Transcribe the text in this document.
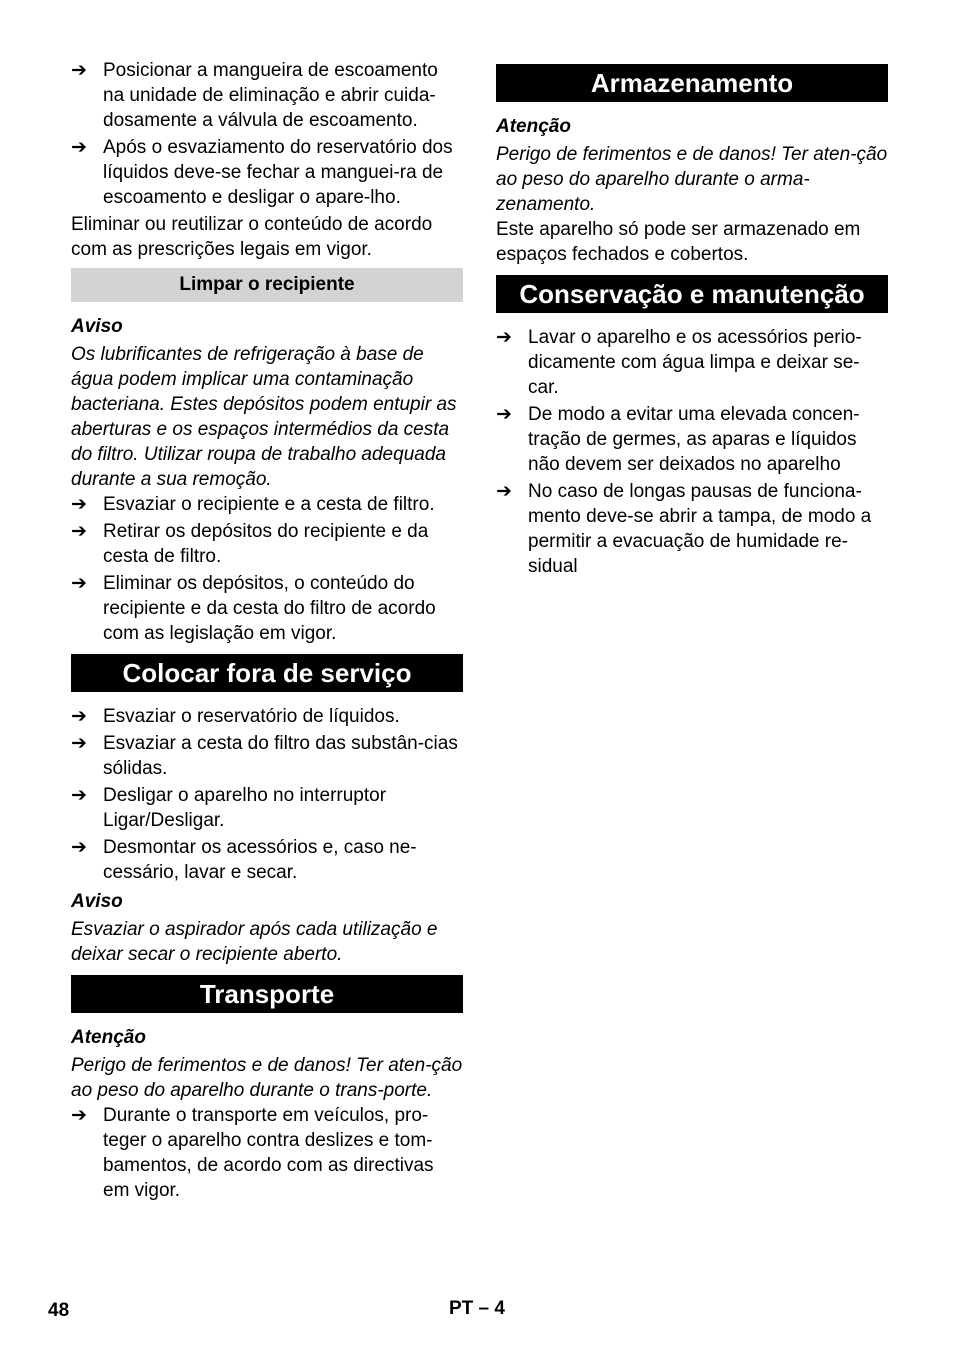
➔ Posicionar a mangueira de escoamento na unidade de eliminação e abrir cuida-dosamente a válvula de escoamento.
➔ Após o esvaziamento do reservatório dos líquidos deve-se fechar a manguei-ra de escoamento e desligar o apare-lho.

Eliminar ou reutilizar o conteúdo de acordo com as prescrições legais em vigor.

Limpar o recipiente

Aviso

Os lubrificantes de refrigeração à base de água podem implicar uma contaminação bacteriana. Estes depósitos podem entupir as aberturas e os espaços intermédios da cesta do filtro. Utilizar roupa de trabalho adequada durante a sua remoção.

➔ Esvaziar o recipiente e a cesta de filtro.
➔ Retirar os depósitos do recipiente e da cesta de filtro.
➔ Eliminar os depósitos, o conteúdo do recipiente e da cesta do filtro de acordo com as legislação em vigor.
Colocar fora de serviço
➔ Esvaziar o reservatório de líquidos.
➔ Esvaziar a cesta do filtro das substân-cias sólidas.
➔ Desligar o aparelho no interruptor Ligar/Desligar.
➔ Desmontar os acessórios e, caso ne-cessário, lavar e secar.

Aviso

Esvaziar o aspirador após cada utilização e deixar secar o recipiente aberto.

Transporte

Atenção

Perigo de ferimentos e de danos! Ter aten-ção ao peso do aparelho durante o trans-porte.

➔ Durante o transporte em veículos, pro-teger o aparelho contra deslizes e tom-bamentos, de acordo com as directivas em vigor.
Armazenamento

Atenção

Perigo de ferimentos e de danos! Ter aten-ção ao peso do aparelho durante o arma-zenamento.

Este aparelho só pode ser armazenado em espaços fechados e cobertos.

Conservação e manutenção
➔ Lavar o aparelho e os acessórios perio-dicamente com água limpa e deixar se-car.
➔ De modo a evitar uma elevada concen-tração de germes, as aparas e líquidos não devem ser deixados no aparelho
➔ No caso de longas pausas de funciona-mento deve-se abrir a tampa, de modo a permitir a evacuação de humidade re-sidual
48	PT – 4
